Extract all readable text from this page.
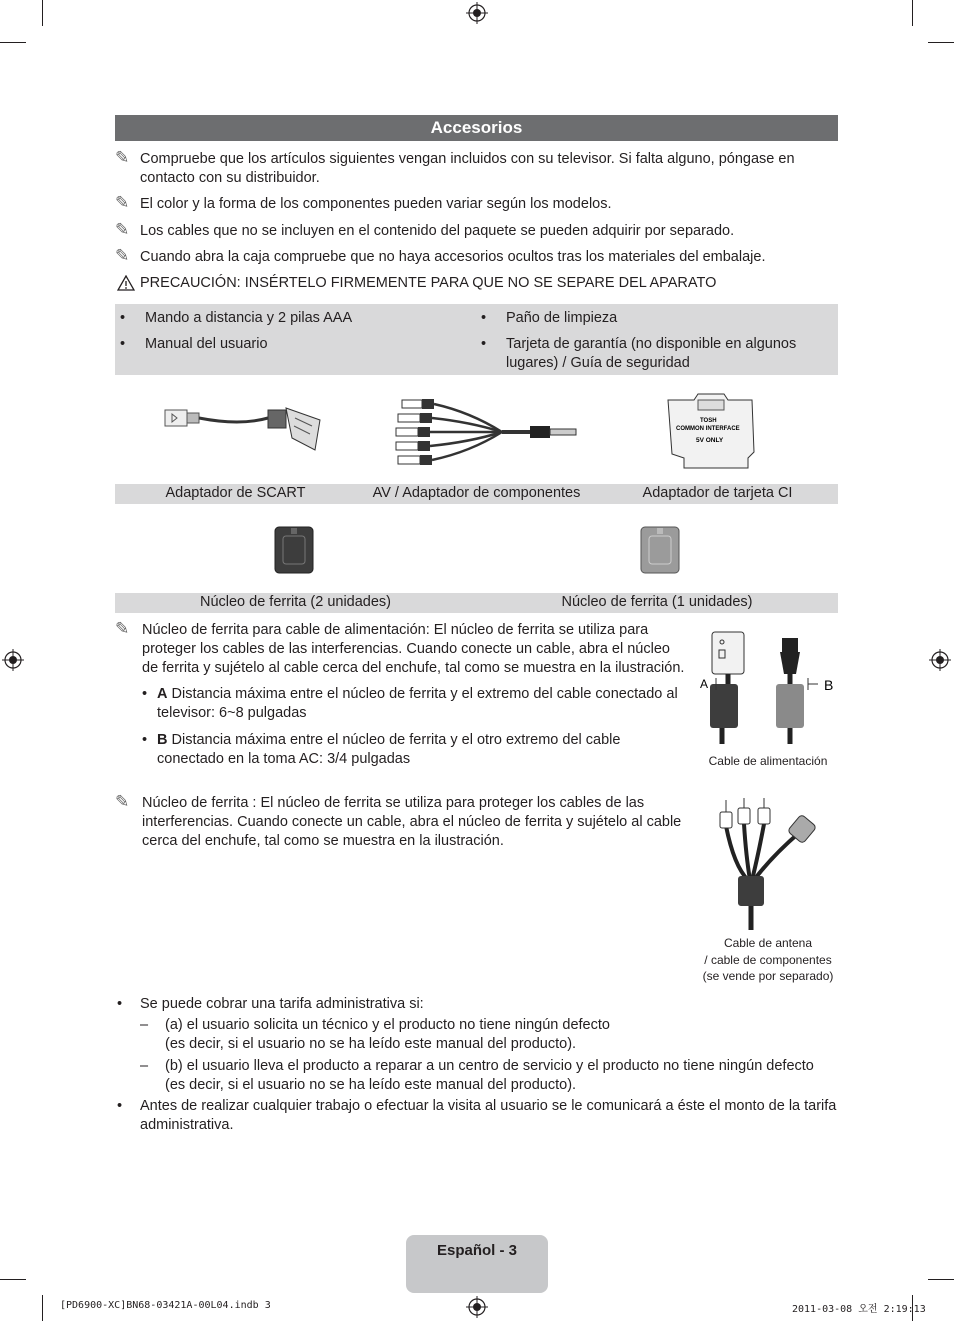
Accesorios
✎ Compruebe que los artículos siguientes vengan incluidos con su televisor. Si falta alguno, póngase en
contacto con su distribuidor.
✎ El color y la forma de los componentes pueden variar según los modelos.
✎ Los cables que no se incluyen en el contenido del paquete se pueden adquirir por separado.
✎ Cuando abra la caja compruebe que no haya accesorios ocultos tras los materiales del embalaje.
PRECAUCIÓN: INSÉRTELO FIRMEMENTE PARA QUE NO SE SEPARE DEL APARATO
• Mando a distancia y 2 pilas AAA
• Manual del usuario
• Paño de limpieza
• Tarjeta de garantía (no disponible en algunos
lugares) / Guía de seguridad
TOSH
COMMON INTERFACE
5V ONLY
Adaptador de SCART	AV / Adaptador de componentes	Adaptador de tarjeta CI
Núcleo de ferrita (2 unidades)	Núcleo de ferrita (1 unidades)
✎ Núcleo de ferrita para cable de alimentación: El núcleo de ferrita se utiliza para
proteger los cables de las interferencias. Cuando conecte un cable, abra el núcleo
de ferrita y sujételo al cable cerca del enchufe, tal como se muestra en la ilustración.
• A Distancia máxima entre el núcleo de ferrita y el extremo del cable conectado al
televisor: 6~8 pulgadas
• B Distancia máxima entre el núcleo de ferrita y el otro extremo del cable
conectado en la toma AC: 3/4 pulgadas
A	B
Cable de alimentación
✎ Núcleo de ferrita : El núcleo de ferrita se utiliza para proteger los cables de las
interferencias. Cuando conecte un cable, abra el núcleo de ferrita y sujételo al cable
cerca del enchufe, tal como se muestra en la ilustración.
Cable de antena
/ cable de componentes
(se vende por separado)
• Se puede cobrar una tarifa administrativa si:
– (a) el usuario solicita un técnico y el producto no tiene ningún defecto
(es decir, si el usuario no se ha leído este manual del producto).
– (b) el usuario lleva el producto a reparar a un centro de servicio y el producto no tiene ningún defecto
(es decir, si el usuario no se ha leído este manual del producto).
• Antes de realizar cualquier trabajo o efectuar la visita al usuario se le comunicará a éste el monto de la tarifa
administrativa.
Español - 3
[PD6900-XC]BN68-03421A-00L04.indb 3	2011-03-08 오전 2:19:13
